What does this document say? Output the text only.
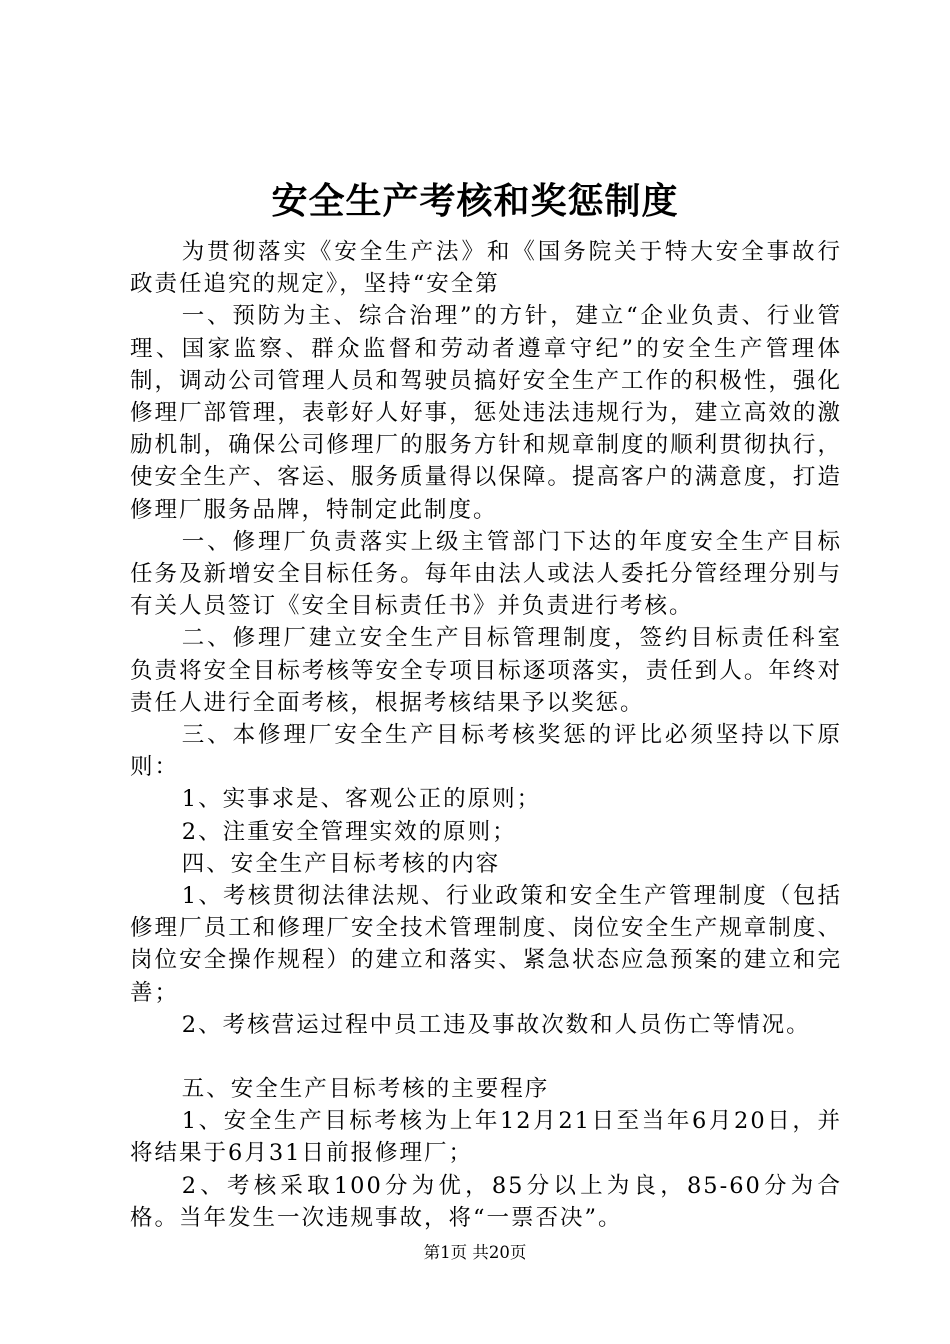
安全生产考核和奖惩制度

为贯彻落实《安全生产法》和《国务院关于特大安全事故行政责任追究的规定》，坚持“安全第

一、预防为主、综合治理”的方针，建立“企业负责、行业管理、国家监察、群众监督和劳动者遵章守纪”的安全生产管理体制，调动公司管理人员和驾驶员搞好安全生产工作的积极性，强化修理厂部管理，表彰好人好事，惩处违法违规行为，建立高效的激励机制，确保公司修理厂的服务方针和规章制度的顺利贯彻执行，使安全生产、客运、服务质量得以保障。提高客户的满意度，打造修理厂服务品牌，特制定此制度。

一、修理厂负责落实上级主管部门下达的年度安全生产目标任务及新增安全目标任务。每年由法人或法人委托分管经理分别与有关人员签订《安全目标责任书》并负责进行考核。

二、修理厂建立安全生产目标管理制度，签约目标责任科室负责将安全目标考核等安全专项目标逐项落实，责任到人。年终对责任人进行全面考核，根据考核结果予以奖惩。

三、本修理厂安全生产目标考核奖惩的评比必须坚持以下原则：

1、实事求是、客观公正的原则；

2、注重安全管理实效的原则；

四、安全生产目标考核的内容

1、考核贯彻法律法规、行业政策和安全生产管理制度（包括修理厂员工和修理厂安全技术管理制度、岗位安全生产规章制度、岗位安全操作规程）的建立和落实、紧急状态应急预案的建立和完善；

2、考核营运过程中员工违及事故次数和人员伤亡等情况。

五、安全生产目标考核的主要程序

1、安全生产目标考核为上年12月21日至当年6月20日，并将结果于6月31日前报修理厂；

2、考核采取100分为优，85分以上为良，85-60分为合格。当年发生一次违规事故，将“一票否决”。

第1页 共20页
